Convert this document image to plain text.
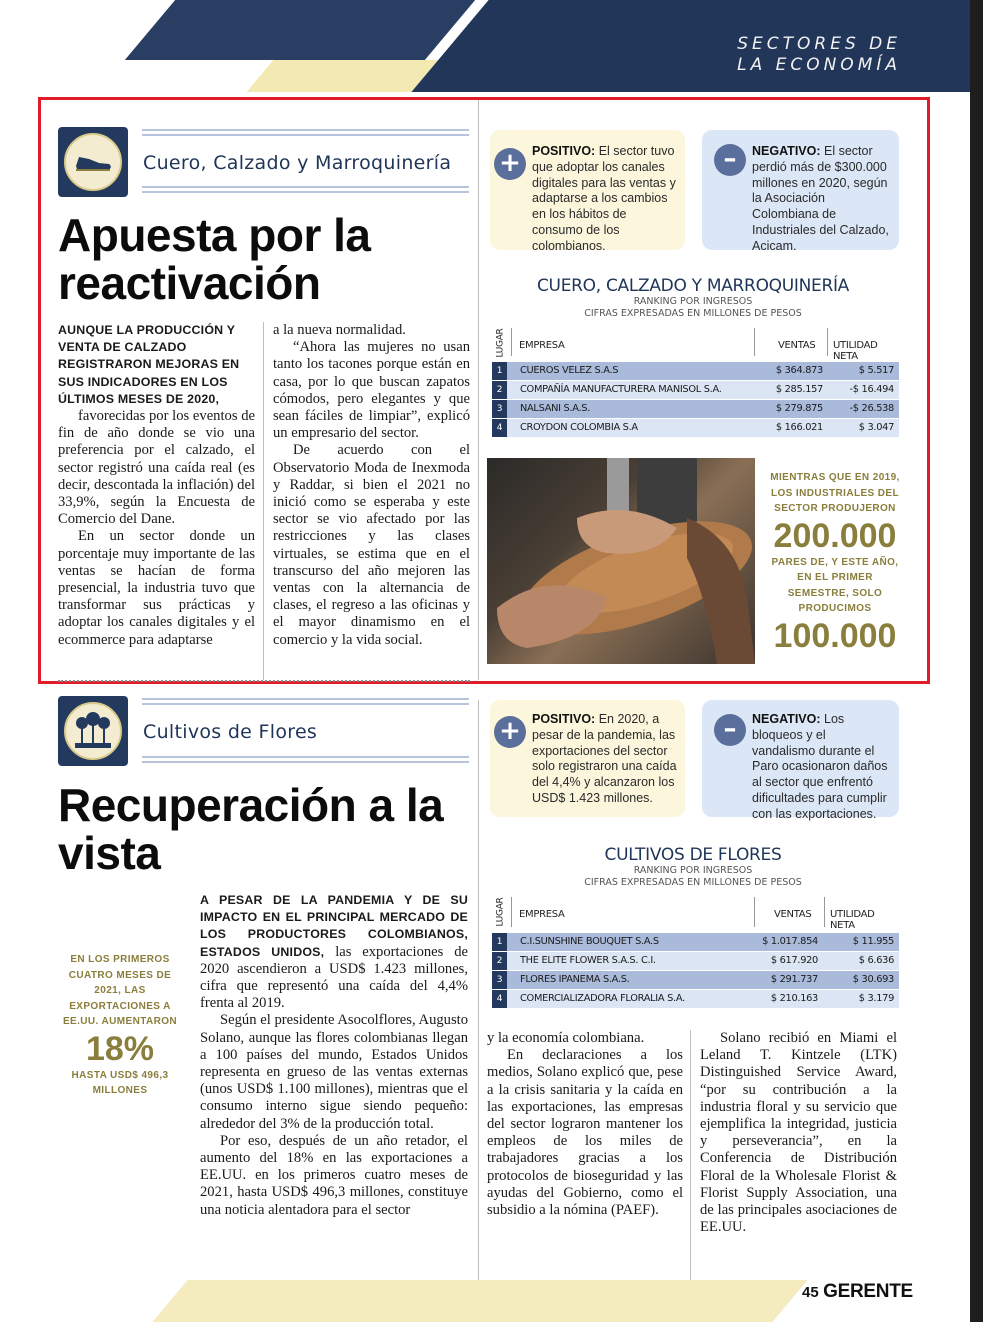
SECTORES DE
LA ECONOMÍA
Cuero, Calzado y Marroquinería
Apuesta por la reactivación
AUNQUE LA PRODUCCIÓN Y VENTA DE CALZADO REGISTRARON MEJORAS EN SUS INDICADORES EN LOS ÚLTIMOS MESES DE 2020,

favorecidas por los eventos de fin de año donde se vio una preferencia por el calzado, el sector registró una caída real (es decir, descontada la inflación) del 33,9%, según la Encuesta de Comercio del Dane.

En un sector donde un porcentaje muy importante de las ventas se hacían de forma presencial, la industria tuvo que transformar sus prácticas y adoptar los canales digitales y el ecommerce para adaptarse

a la nueva normalidad.

“Ahora las mujeres no usan tanto los tacones porque están en casa, por lo que buscan zapatos cómodos, pero elegantes y que sean fáciles de limpiar”, explicó un empresario del sector.

De acuerdo con el Observatorio Moda de Inexmoda y Raddar, si bien el 2021 no inició como se esperaba y este sector se vio afectado por las restricciones y las clases virtuales, se estima que en el transcurso del año mejoren las ventas con la alternancia de clases, el regreso a las oficinas y el mayor dinamismo en el comercio y la vida social.

+ POSITIVO: El sector tuvo que adoptar los canales digitales para las ventas y adaptarse a los cambios en los hábitos de consumo de los colombianos.
–	NEGATIVO: El sector perdió más de $300.000 millones en 2020, según la Asociación Colombiana de Industriales del Calzado, Acicam.
CUERO, CALZADO Y MARROQUINERÍA
RANKING POR INGRESOS
CIFRAS EXPRESADAS EN MILLONES DE PESOS
LUGAR EMPRESA	VENTAS UTILIDAD NETA
1	CUEROS VELEZ S.A.S	$ 364.873	$ 5.517
2	COMPAÑÍA MANUFACTURERA MANISOL S.A.	$ 285.157	-$ 16.494
3	NALSANI S.A.S.	$ 279.875	-$ 26.538
4	CROYDON COLOMBIA S.A	$ 166.021	$ 3.047
MIENTRAS QUE EN 2019, LOS INDUSTRIALES DEL SECTOR PRODUJERON
200.000
PARES DE, Y ESTE AÑO, EN EL PRIMER SEMESTRE, SOLO PRODUCIMOS
100.000
Cultivos de Flores
Recuperación a la vista
EN LOS PRIMEROS CUATRO MESES DE 2021, LAS EXPORTACIONES A EE.UU. AUMENTARON
18%
HASTA USD$ 496,3 MILLONES

A PESAR DE LA PANDEMIA Y DE SU IMPACTO EN EL PRINCIPAL MERCADO DE LOS PRODUCTORES COLOMBIANOS, ESTADOS UNIDOS, las exportaciones de 2020 ascendieron a USD$ 1.423 millones, cifra que representó una caída del 4,4% frenta al 2019.

Según el presidente Asocolflores, Augusto Solano, aunque las flores colombianas llegan a 100 países del mundo, Estados Unidos representa en grueso de las ventas externas (unos USD$ 1.100 millones), mientras que el consumo interno sigue siendo pequeño: alrededor del 3% de la producción total.

Por eso, después de un año retador, el aumento del 18% en las exportaciones a EE.UU. en los primeros cuatro meses de 2021, hasta USD$ 496,3 millones, constituye una noticia alentadora para el sector

+ POSITIVO: En 2020, a pesar de la pandemia, las exportaciones del sector solo registraron una caída del 4,4% y alcanzaron los USD$ 1.423 millones.
–	NEGATIVO: Los bloqueos y el vandalismo durante el Paro ocasionaron daños al sector que enfrentó dificultades para cumplir con las exportaciones.
CULTIVOS DE FLORES
RANKING POR INGRESOS
CIFRAS EXPRESADAS EN MILLONES DE PESOS
LUGAR EMPRESA	VENTAS UTILIDAD NETA
1	C.I.SUNSHINE BOUQUET S.A.S	$ 1.017.854	$ 11.955
2	THE ELITE FLOWER S.A.S. C.I.	$ 617.920	$ 6.636
3	FLORES IPANEMA S.A.S.	$ 291.737	$ 30.693
4	COMERCIALIZADORA FLORALIA S.A.	$ 210.163	$ 3.179

y la economía colombiana.

En declaraciones a los medios, Solano explicó que, pese a la crisis sanitaria y la caída en las exportaciones, las empresas del sector lograron mantener los empleos de los miles de trabajadores gracias a los protocolos de bioseguridad y las ayudas del Gobierno, como el subsidio a la nómina (PAEF).

Solano recibió en Miami el Leland T. Kintzele (LTK) Distinguished Service Award, “por su contribución a la industria floral y su servicio que ejemplifica la integridad, justicia y perseverancia”, en la Conferencia de Distribución Floral de la Wholesale Florist & Florist Supply Association, una de las principales asociaciones de EE.UU.

45 GERENTE
